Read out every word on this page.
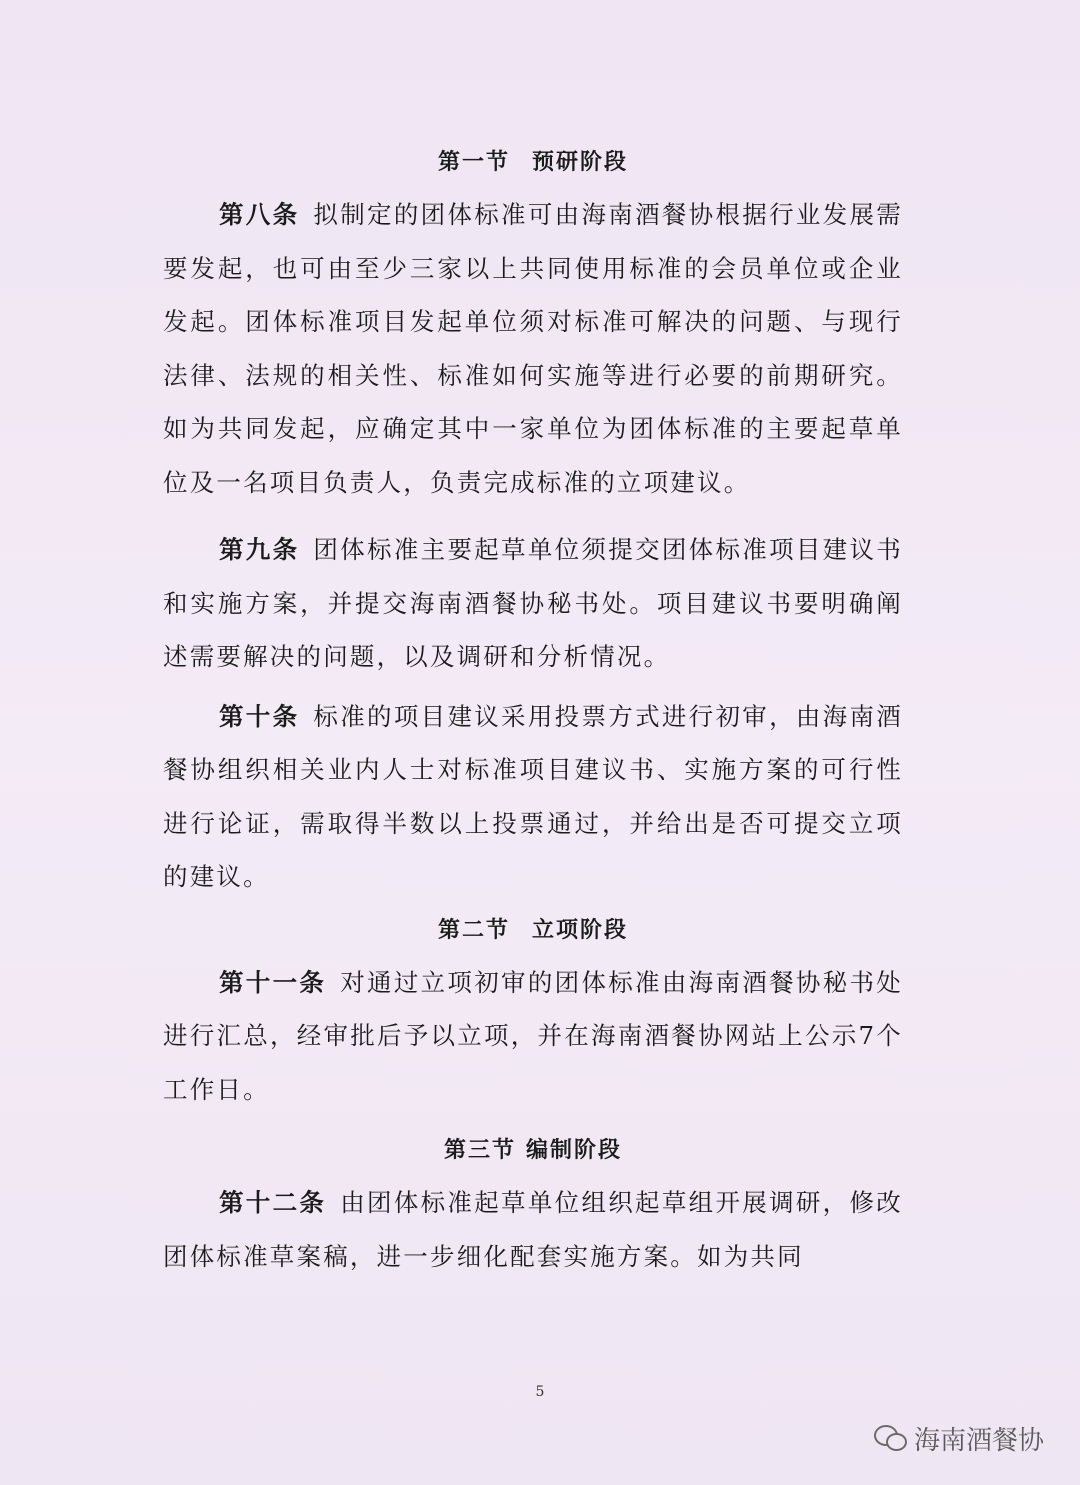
第一节 预研阶段

第八条 拟制定的团体标准可由海南酒餐协根据行业发展需要发起，也可由至少三家以上共同使用标准的会员单位或企业发起。团体标准项目发起单位须对标准可解决的问题、与现行法律、法规的相关性、标准如何实施等进行必要的前期研究。如为共同发起，应确定其中一家单位为团体标准的主要起草单位及一名项目负责人，负责完成标准的立项建议。

第九条 团体标准主要起草单位须提交团体标准项目建议书和实施方案，并提交海南酒餐协秘书处。项目建议书要明确阐述需要解决的问题，以及调研和分析情况。

第十条 标准的项目建议采用投票方式进行初审，由海南酒餐协组织相关业内人士对标准项目建议书、实施方案的可行性进行论证，需取得半数以上投票通过，并给出是否可提交立项的建议。

第二节 立项阶段

第十一条 对通过立项初审的团体标准由海南酒餐协秘书处进行汇总，经审批后予以立项，并在海南酒餐协网站上公示7个工作日。

第三节 编制阶段

第十二条 由团体标准起草单位组织起草组开展调研，修改团体标准草案稿，进一步细化配套实施方案。如为共同

5
海南酒餐协
